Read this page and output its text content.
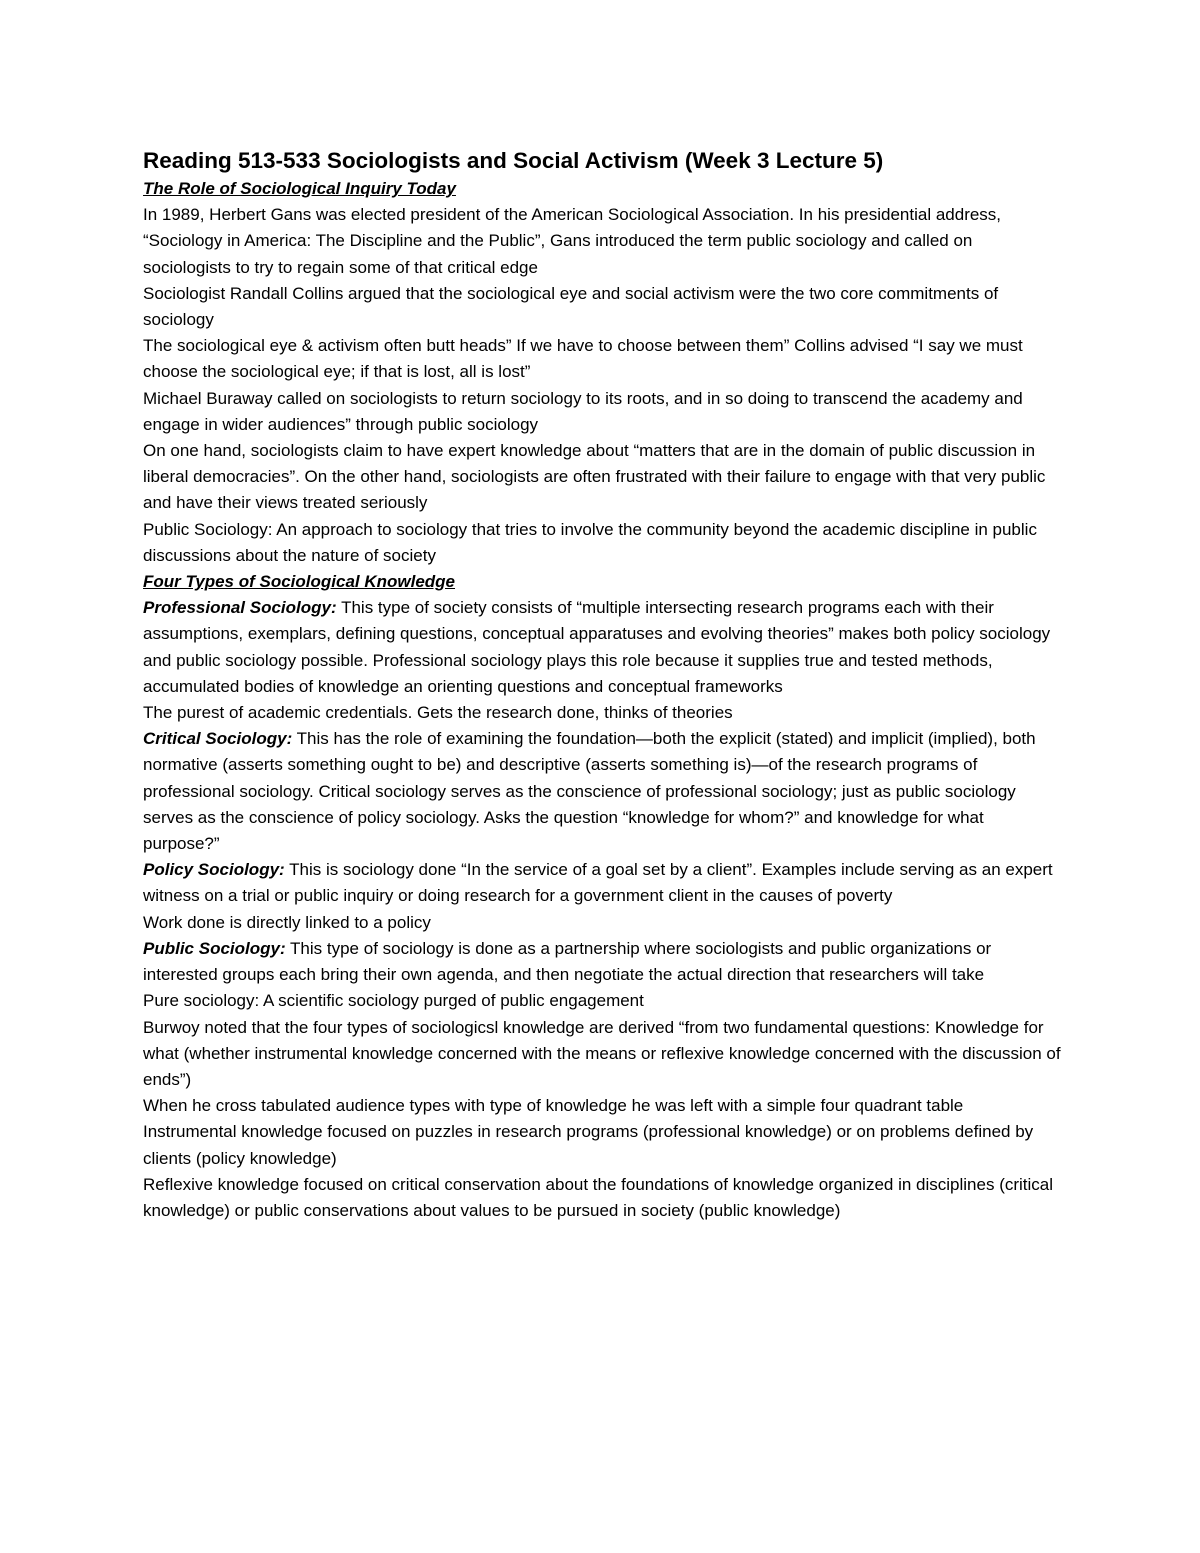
Reading 513-533 Sociologists and Social Activism (Week 3 Lecture 5)

The Role of Sociological Inquiry Today

In 1989, Herbert Gans was elected president of the American Sociological Association. In his presidential address, “Sociology in America: The Discipline and the Public”, Gans introduced the term public sociology and called on sociologists to try to regain some of that critical edge

Sociologist Randall Collins argued that the sociological eye and social activism were the two core commitments of sociology

The sociological eye & activism often butt heads” If we have to choose between them” Collins advised “I say we must choose the sociological eye; if that is lost, all is lost”

Michael Buraway called on sociologists to return sociology to its roots, and in so doing to transcend the academy and engage in wider audiences” through public sociology

On one hand, sociologists claim to have expert knowledge about “matters that are in the domain of public discussion in liberal democracies”. On the other hand, sociologists are often frustrated with their failure to engage with that very public and have their views treated seriously

Public Sociology: An approach to sociology that tries to involve the community beyond the academic discipline in public discussions about the nature of society

Four Types of Sociological Knowledge

Professional Sociology: This type of society consists of “multiple intersecting research programs each with their assumptions, exemplars, defining questions, conceptual apparatuses and evolving theories” makes both policy sociology and public sociology possible. Professional sociology plays this role because it supplies true and tested methods, accumulated bodies of knowledge an orienting questions and conceptual frameworks

The purest of academic credentials. Gets the research done, thinks of theories

Critical Sociology: This has the role of examining the foundation—both the explicit (stated) and implicit (implied), both normative (asserts something ought to be) and descriptive (asserts something is)—of the research programs of professional sociology. Critical sociology serves as the conscience of professional sociology; just as public sociology serves as the conscience of policy sociology. Asks the question “knowledge for whom?” and knowledge for what purpose?”

Policy Sociology: This is sociology done “In the service of a goal set by a client”. Examples include serving as an expert witness on a trial or public inquiry or doing research for a government client in the causes of poverty

Work done is directly linked to a policy

Public Sociology: This type of sociology is done as a partnership where sociologists and public organizations or interested groups each bring their own agenda, and then negotiate the actual direction that researchers will take

Pure sociology: A scientific sociology purged of public engagement

Burwoy noted that the four types of sociologicsl knowledge are derived “from two fundamental questions: Knowledge for what (whether instrumental knowledge concerned with the means or reflexive knowledge concerned with the discussion of ends”)

When he cross tabulated audience types with type of knowledge he was left with a simple four quadrant table

Instrumental knowledge focused on puzzles in research programs (professional knowledge) or on problems defined by clients (policy knowledge)

Reflexive knowledge focused on critical conservation about the foundations of knowledge organized in disciplines (critical knowledge) or public conservations about values to be pursued in society (public knowledge)
